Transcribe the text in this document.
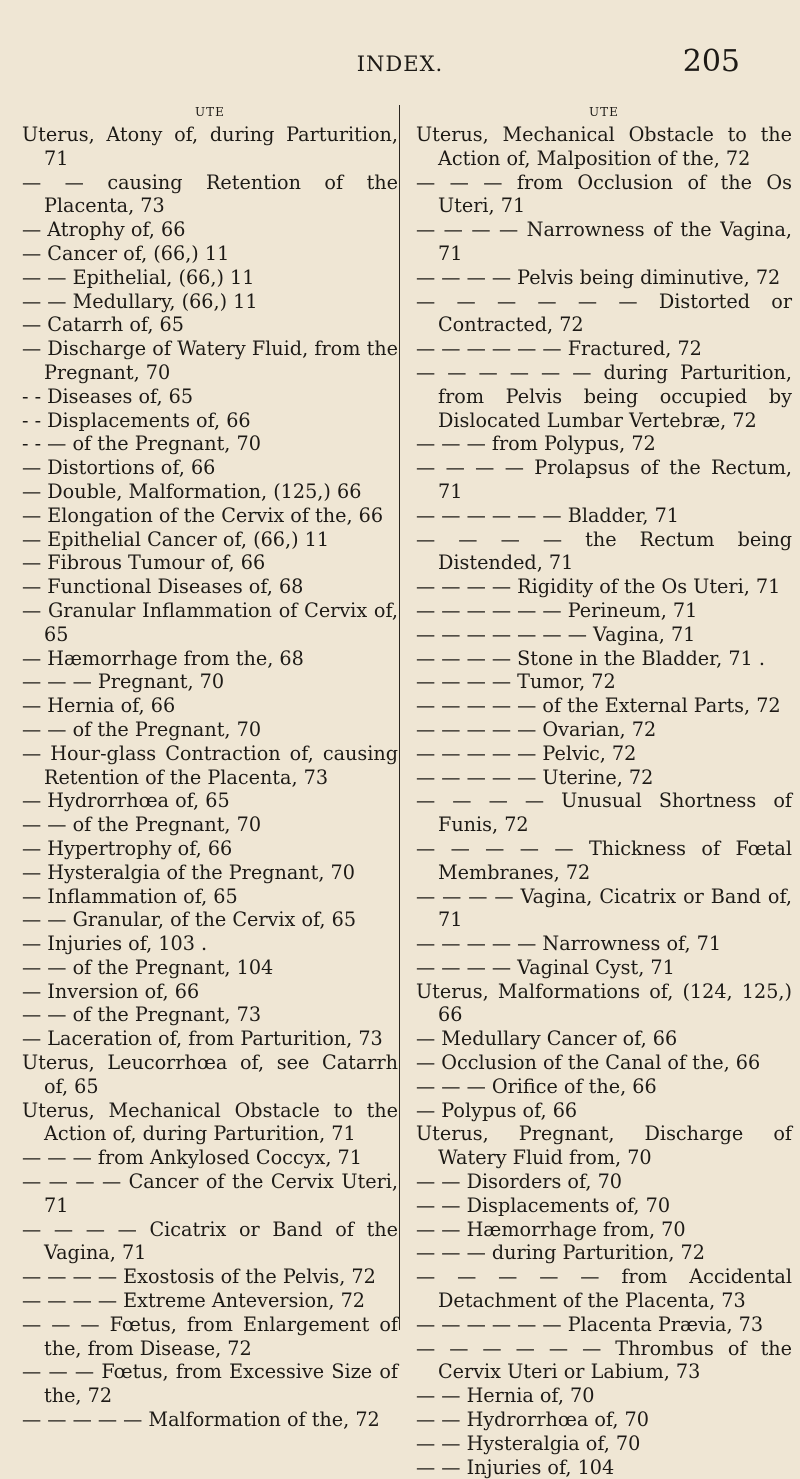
INDEX.	205
UTE
Uterus, Atony of, during Parturition, 71
— — causing Retention of the Placenta, 73
— Atrophy of, 66
— Cancer of, (66,) 11
— — Epithelial, (66,) 11
— — Medullary, (66,) 11
— Catarrh of, 65
— Discharge of Watery Fluid, from the Pregnant, 70
- - Diseases of, 65
- - Displacements of, 66
- - — of the Pregnant, 70
— Distortions of, 66
— Double, Malformation, (125,) 66
— Elongation of the Cervix of the, 66
— Epithelial Cancer of, (66,) 11
— Fibrous Tumour of, 66
— Functional Diseases of, 68
— Granular Inflammation of Cervix of, 65
— Hæmorrhage from the, 68
— — — Pregnant, 70
— Hernia of, 66
— — of the Pregnant, 70
— Hour-glass Contraction of, causing Retention of the Placenta, 73
— Hydrorrhœa of, 65
— — of the Pregnant, 70
— Hypertrophy of, 66
— Hysteralgia of the Pregnant, 70
— Inflammation of, 65
— — Granular, of the Cervix of, 65
— Injuries of, 103 .
— — of the Pregnant, 104
— Inversion of, 66
— — of the Pregnant, 73
— Laceration of, from Parturition, 73
Uterus, Leucorrhœa of, see Catarrh of, 65
Uterus, Mechanical Obstacle to the Action of, during Parturition, 71
— — — from Ankylosed Coccyx, 71
— — — — Cancer of the Cervix Uteri, 71
— — — — Cicatrix or Band of the Vagina, 71
— — — — Exostosis of the Pelvis, 72
— — — — Extreme Anteversion, 72
— — — Fœtus, from Enlargement of the, from Disease, 72
— — — Fœtus, from Excessive Size of the, 72
— — — — — Malformation of the, 72
UTE
Uterus, Mechanical Obstacle to the Action of, Malposition of the, 72
— — — from Occlusion of the Os Uteri, 71
— — — — Narrowness of the Vagina, 71
— — — — Pelvis being diminutive, 72
— — — — — — Distorted or Contracted, 72
— — — — — — Fractured, 72
— — — — — — during Parturition, from Pelvis being occupied by Dislocated Lumbar Vertebræ, 72
— — — from Polypus, 72
— — — — Prolapsus of the Rectum, 71
— — — — — — Bladder, 71
— — — — the Rectum being Distended, 71
— — — — Rigidity of the Os Uteri, 71
— — — — — — Perineum, 71
— — — — — — — Vagina, 71
— — — — Stone in the Bladder, 71 .
— — — — Tumor, 72
— — — — — of the External Parts, 72
— — — — — Ovarian, 72
— — — — — Pelvic, 72
— — — — — Uterine, 72
— — — — Unusual Shortness of Funis, 72
— — — — — Thickness of Fœtal Membranes, 72
— — — — Vagina, Cicatrix or Band of, 71
— — — — — Narrowness of, 71
— — — — Vaginal Cyst, 71
Uterus, Malformations of, (124, 125,) 66
— Medullary Cancer of, 66
— Occlusion of the Canal of the, 66
— — — Orifice of the, 66
— Polypus of, 66
Uterus, Pregnant, Discharge of Watery Fluid from, 70
— — Disorders of, 70
— — Displacements of, 70
— — Hæmorrhage from, 70
— — — during Parturition, 72
— — — — — from Accidental Detachment of the Placenta, 73
— — — — — — Placenta Prævia, 73
— — — — — — Thrombus of the Cervix Uteri or Labium, 73
— — Hernia of, 70
— — Hydrorrhœa of, 70
— — Hysteralgia of, 70
— — Injuries of, 104
